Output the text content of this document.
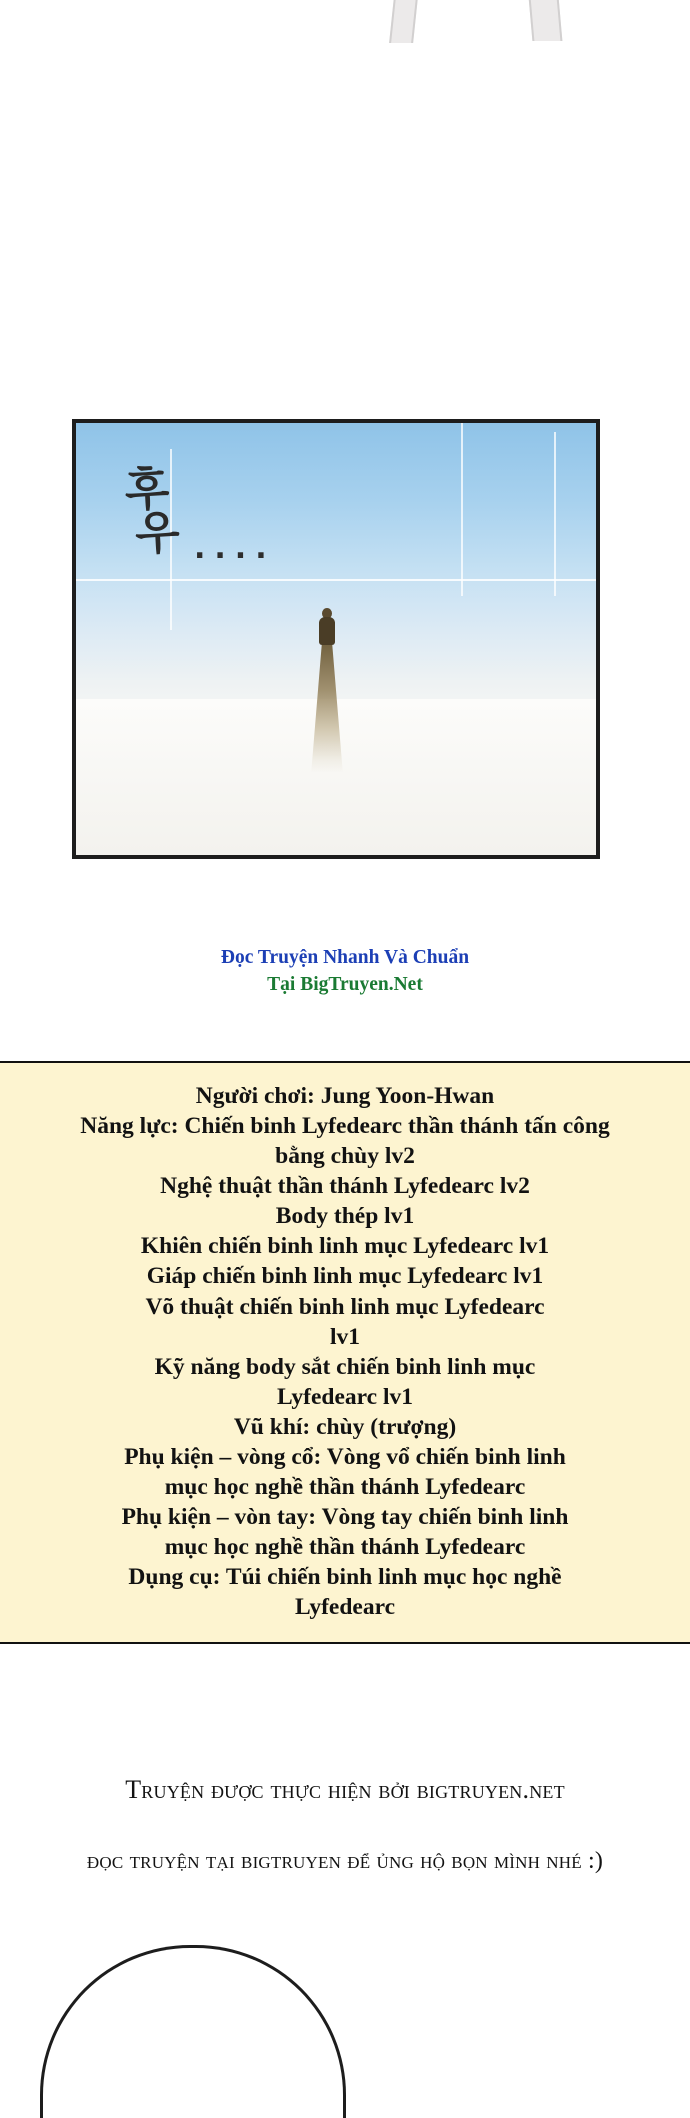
후
우 ....
Đọc Truyện Nhanh Và Chuẩn
Tại BigTruyen.Net

Người chơi: Jung Yoon-Hwan

Năng lực: Chiến binh Lyfedearc thần thánh tấn công

bằng chùy lv2

Nghệ thuật thần thánh Lyfedearc lv2

Body thép lv1

Khiên chiến binh linh mục Lyfedearc lv1

Giáp chiến binh linh mục Lyfedearc lv1

Võ thuật chiến binh linh mục Lyfedearc

lv1

Kỹ năng body sắt chiến binh linh mục

Lyfedearc lv1

Vũ khí: chùy (trượng)

Phụ kiện – vòng cổ: Vòng vổ chiến binh linh

mục học nghề thần thánh Lyfedearc

Phụ kiện – vòn tay: Vòng tay chiến binh linh

mục học nghề thần thánh Lyfedearc

Dụng cụ: Túi chiến binh linh mục học nghề

Lyfedearc

Truyện được thực hiện bởi bigtruyen.net
đọc truyện tại bigtruyen để ủng hộ bọn mình nhé :)
